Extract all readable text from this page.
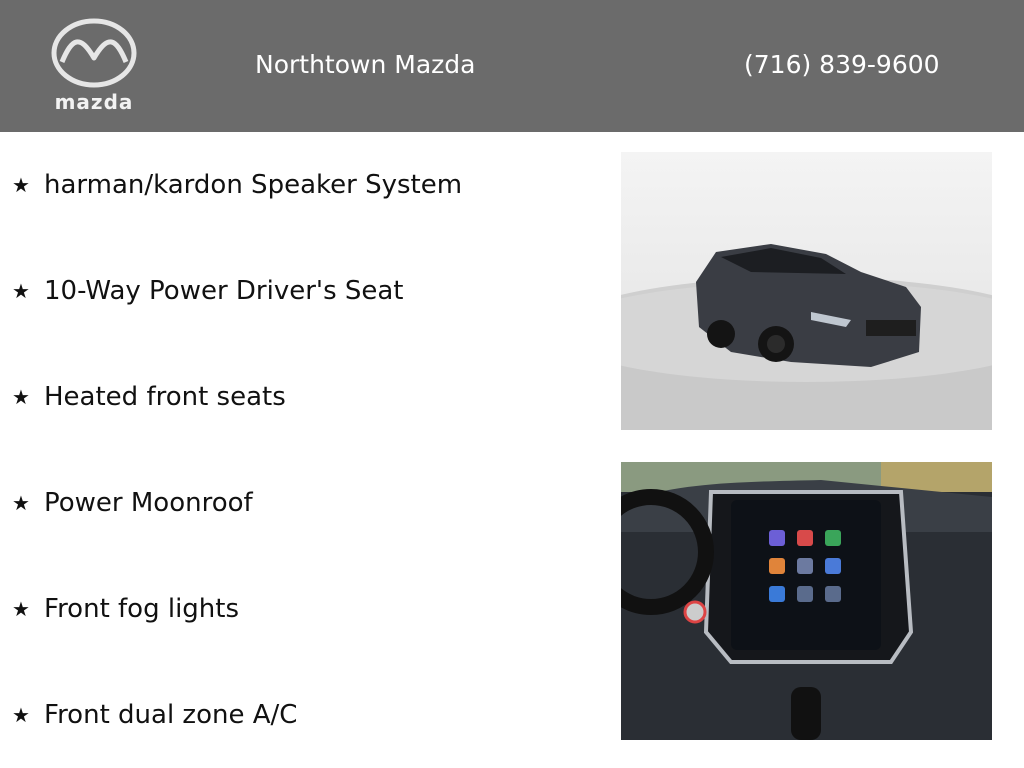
mazda
Northtown Mazda	(716) 839-9600
★ harman/kardon Speaker System
★ 10-Way Power Driver's Seat
★ Heated front seats
★ Power Moonroof
★ Front fog lights
★ Front dual zone A/C
